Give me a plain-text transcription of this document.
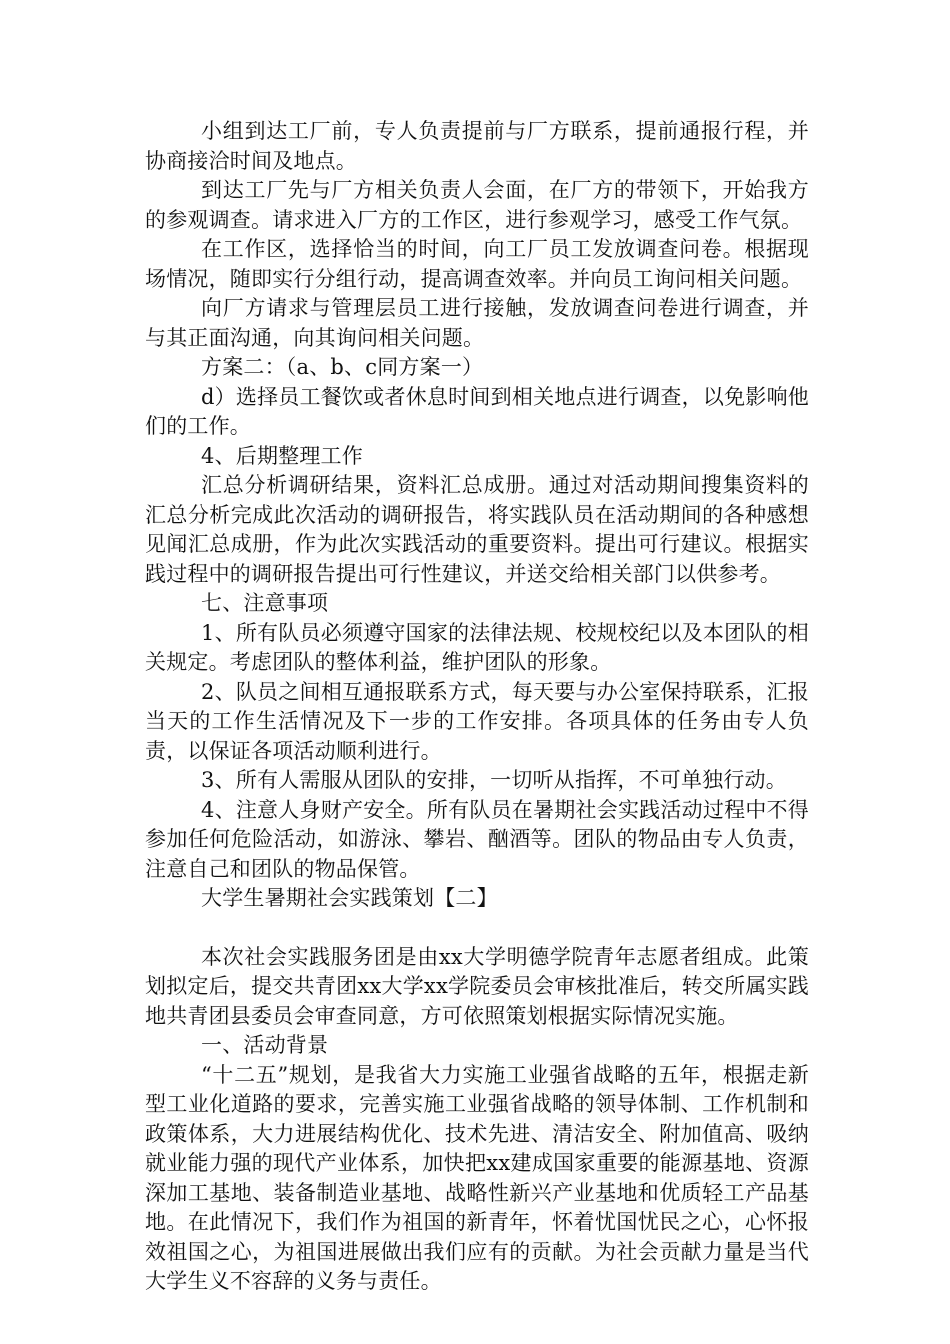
小组到达工厂前，专人负责提前与厂方联系，提前通报行程，并协商接洽时间及地点。

到达工厂先与厂方相关负责人会面，在厂方的带领下，开始我方的参观调查。请求进入厂方的工作区，进行参观学习，感受工作气氛。

在工作区，选择恰当的时间，向工厂员工发放调查问卷。根据现场情况，随即实行分组行动，提高调查效率。并向员工询问相关问题。

向厂方请求与管理层员工进行接触，发放调查问卷进行调查，并与其正面沟通，向其询问相关问题。

方案二：（a、b、c同方案一）

d）选择员工餐饮或者休息时间到相关地点进行调查，以免影响他们的工作。

4、后期整理工作

汇总分析调研结果，资料汇总成册。通过对活动期间搜集资料的汇总分析完成此次活动的调研报告，将实践队员在活动期间的各种感想见闻汇总成册，作为此次实践活动的重要资料。提出可行建议。根据实践过程中的调研报告提出可行性建议，并送交给相关部门以供参考。

七、注意事项

1、所有队员必须遵守国家的法律法规、校规校纪以及本团队的相关规定。考虑团队的整体利益，维护团队的形象。

2、队员之间相互通报联系方式，每天要与办公室保持联系，汇报当天的工作生活情况及下一步的工作安排。各项具体的任务由专人负责，以保证各项活动顺利进行。

3、所有人需服从团队的安排，一切听从指挥，不可单独行动。

4、注意人身财产安全。所有队员在暑期社会实践活动过程中不得参加任何危险活动，如游泳、攀岩、酗酒等。团队的物品由专人负责，注意自己和团队的物品保管。

大学生暑期社会实践策划【二】

本次社会实践服务团是由xx大学明德学院青年志愿者组成。此策划拟定后，提交共青团xx大学xx学院委员会审核批准后，转交所属实践地共青团县委员会审查同意，方可依照策划根据实际情况实施。

一、活动背景

“十二五”规划，是我省大力实施工业强省战略的五年，根据走新型工业化道路的要求，完善实施工业强省战略的领导体制、工作机制和政策体系，大力进展结构优化、技术先进、清洁安全、附加值高、吸纳就业能力强的现代产业体系，加快把xx建成国家重要的能源基地、资源深加工基地、装备制造业基地、战略性新兴产业基地和优质轻工产品基地。在此情况下，我们作为祖国的新青年，怀着忧国忧民之心，心怀报效祖国之心，为祖国进展做出我们应有的贡献。为社会贡献力量是当代大学生义不容辞的义务与责任。
